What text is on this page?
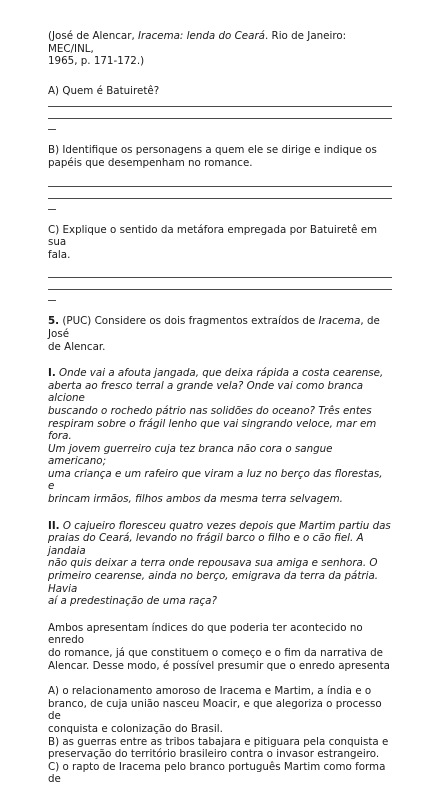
(José de Alencar, Iracema: lenda do Ceará. Rio de Janeiro: MEC/INL,

1965, p. 171-172.)

A) Quem é Batuiretê?

B) Identifique os personagens a quem ele se dirige e indique os

papéis que desempenham no romance.

C) Explique o sentido da metáfora empregada por Batuiretê em sua

fala.

5. (PUC) Considere os dois fragmentos extraídos de Iracema, de José

de Alencar.

I. Onde vai a afouta jangada, que deixa rápida a costa cearense,

aberta ao fresco terral a grande vela? Onde vai como branca alcione

buscando o rochedo pátrio nas solidões do oceano? Três entes

respiram sobre o frágil lenho que vai singrando veloce, mar em fora.

Um jovem guerreiro cuja tez branca não cora o sangue americano;

uma criança e um rafeiro que viram a luz no berço das florestas, e

brincam irmãos, filhos ambos da mesma terra selvagem.

II. O cajueiro floresceu quatro vezes depois que Martim partiu das

praias do Ceará, levando no frágil barco o filho e o cão fiel. A jandaia

não quis deixar a terra onde repousava sua amiga e senhora. O

primeiro cearense, ainda no berço, emigrava da terra da pátria. Havia

aí a predestinação de uma raça?

Ambos apresentam índices do que poderia ter acontecido no enredo

do romance, já que constituem o começo e o fim da narrativa de

Alencar. Desse modo, é possível presumir que o enredo apresenta

A) o relacionamento amoroso de Iracema e Martim, a índia e o

branco, de cuja união nasceu Moacir, e que alegoriza o processo de

conquista e colonização do Brasil.

B) as guerras entre as tribos tabajara e pitiguara pela conquista e

preservação do território brasileiro contra o invasor estrangeiro.

C) o rapto de Iracema pelo branco português Martim como forma de
